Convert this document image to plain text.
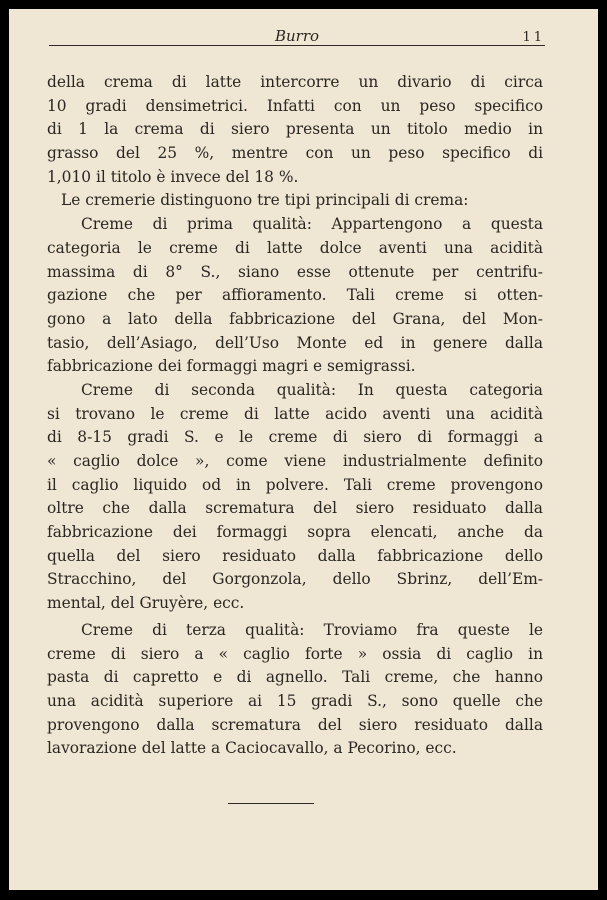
Burro	11
della crema di latte intercorre un divario di circa
10 gradi densimetrici. Infatti con un peso specifico
di 1 la crema di siero presenta un titolo medio in
grasso del 25 %, mentre con un peso specifico di
1,010 il titolo è invece del 18 %.
Le cremerie distinguono tre tipi principali di crema:
Creme di prima qualità: Appartengono a questa
categoria le creme di latte dolce aventi una acidità
massima di 8° S., siano esse ottenute per centrifu-
gazione che per affioramento. Tali creme si otten-
gono a lato della fabbricazione del Grana, del Mon-
tasio, dell’Asiago, dell’Uso Monte ed in genere dalla
fabbricazione dei formaggi magri e semigrassi.
Creme di seconda qualità: In questa categoria
si trovano le creme di latte acido aventi una acidità
di 8-15 gradi S. e le creme di siero di formaggi a
« caglio dolce », come viene industrialmente definito
il caglio liquido od in polvere. Tali creme provengono
oltre che dalla scrematura del siero residuato dalla
fabbricazione dei formaggi sopra elencati, anche da
quella del siero residuato dalla fabbricazione dello
Stracchino, del Gorgonzola, dello Sbrinz, dell’Em-
mental, del Gruyère, ecc.
Creme di terza qualità: Troviamo fra queste le
creme di siero a « caglio forte » ossia di caglio in
pasta di capretto e di agnello. Tali creme, che hanno
una acidità superiore ai 15 gradi S., sono quelle che
provengono dalla scrematura del siero residuato dalla
lavorazione del latte a Caciocavallo, a Pecorino, ecc.
